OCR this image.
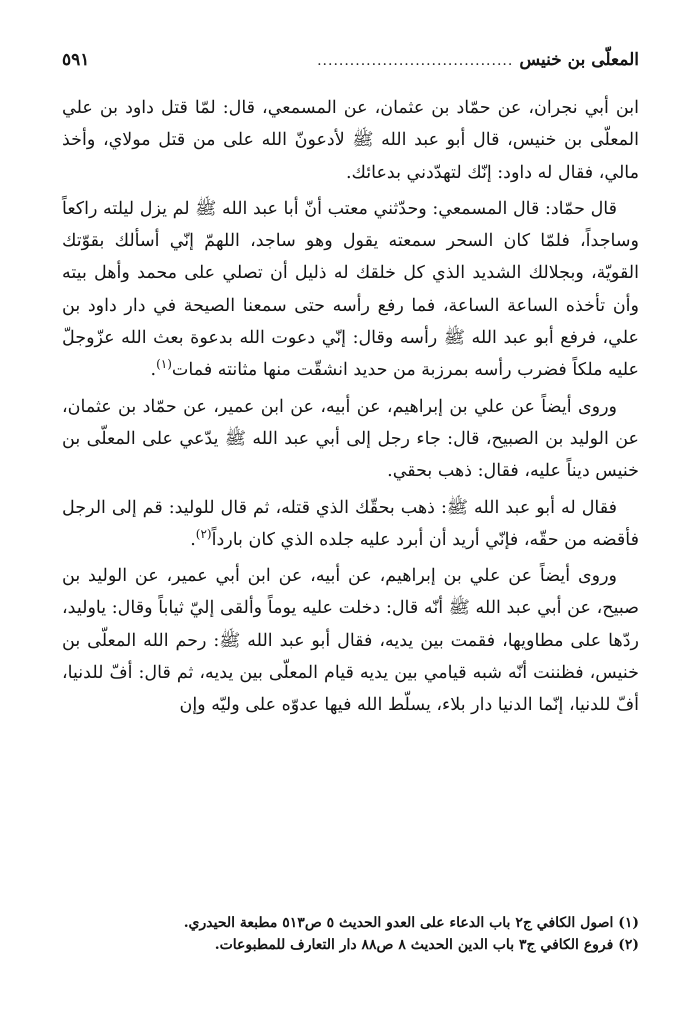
المعلّى بن خنيس
....................................
٥٩١

ابن أبي نجران، عن حمّاد بن عثمان، عن المسمعي، قال: لمّا قتل داود بن علي المعلّى بن خنيس، قال أبو عبد الله ﷺ لأدعونّ الله على من قتل مولاي، وأخذ مالي، فقال له داود: إنّك لتهدّدني بدعائك.

قال حمّاد: قال المسمعي: وحدّثني معتب أنّ أبا عبد الله ﷺ لم يزل ليلته راكعاً وساجداً، فلمّا كان السحر سمعته يقول وهو ساجد، اللهمّ إنّي أسألك بقوّتك القويّة، وبجلالك الشديد الذي كل خلقك له ذليل أن تصلي على محمد وأهل بيته وأن تأخذه الساعة الساعة، فما رفع رأسه حتى سمعنا الصيحة في دار داود بن علي، فرفع أبو عبد الله ﷺ رأسه وقال: إنّي دعوت الله بدعوة بعث الله عزّوجلّ عليه ملكاً فضرب رأسه بمرزبة من حديد انشقّت منها مثانته فمات$^{(١)}$.

وروى أيضاً عن علي بن إبراهيم، عن أبيه، عن ابن عمير، عن حمّاد بن عثمان، عن الوليد بن الصبيح، قال: جاء رجل إلى أبي عبد الله ﷺ يدّعي على المعلّى بن خنيس ديناً عليه، فقال: ذهب بحقي.

فقال له أبو عبد الله ﷺ: ذهب بحقّك الذي قتله، ثم قال للوليد: قم إلى الرجل فأقضه من حقّه، فإنّي أريد أن أبرد عليه جلده الذي كان بارداً$^{(٢)}$.

وروى أيضاً عن علي بن إبراهيم، عن أبيه، عن ابن أبي عمير، عن الوليد بن صبيح، عن أبي عبد الله ﷺ أنّه قال: دخلت عليه يوماً وألقى إليّ ثياباً وقال: ياوليد، ردّها على مطاويها، فقمت بين يديه، فقال أبو عبد الله ﷺ: رحم الله المعلّى بن خنيس، فظننت أنّه شبه قيامي بين يديه قيام المعلّى بين يديه، ثم قال: أفّ للدنيا، أفّ للدنيا، إنّما الدنيا دار بلاء، يسلّط الله فيها عدوّه على وليّه وإن

(١) اصول الكافي ج٢ باب الدعاء على العدو الحديث ٥ ص٥١٣ مطبعة الحيدري.
(٢) فروع الكافي ج٣ باب الدين الحديث ٨ ص٨٨ دار التعارف للمطبوعات.
